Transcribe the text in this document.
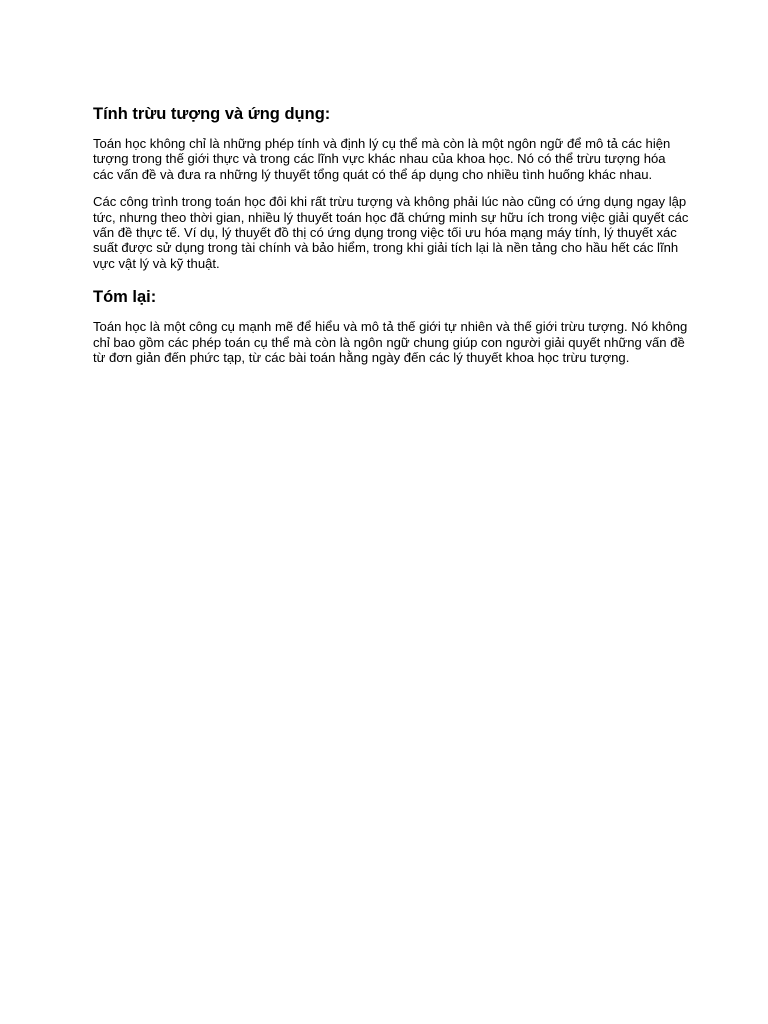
Tính trừu tượng và ứng dụng:
Toán học không chỉ là những phép tính và định lý cụ thể mà còn là một ngôn ngữ để mô tả các hiện tượng trong thế giới thực và trong các lĩnh vực khác nhau của khoa học. Nó có thể trừu tượng hóa các vấn đề và đưa ra những lý thuyết tổng quát có thể áp dụng cho nhiều tình huống khác nhau.
Các công trình trong toán học đôi khi rất trừu tượng và không phải lúc nào cũng có ứng dụng ngay lập tức, nhưng theo thời gian, nhiều lý thuyết toán học đã chứng minh sự hữu ích trong việc giải quyết các vấn đề thực tế. Ví dụ, lý thuyết đồ thị có ứng dụng trong việc tối ưu hóa mạng máy tính, lý thuyết xác suất được sử dụng trong tài chính và bảo hiểm, trong khi giải tích lại là nền tảng cho hầu hết các lĩnh vực vật lý và kỹ thuật.
Tóm lại:
Toán học là một công cụ mạnh mẽ để hiểu và mô tả thế giới tự nhiên và thế giới trừu tượng. Nó không chỉ bao gồm các phép toán cụ thể mà còn là ngôn ngữ chung giúp con người giải quyết những vấn đề từ đơn giản đến phức tạp, từ các bài toán hằng ngày đến các lý thuyết khoa học trừu tượng.
